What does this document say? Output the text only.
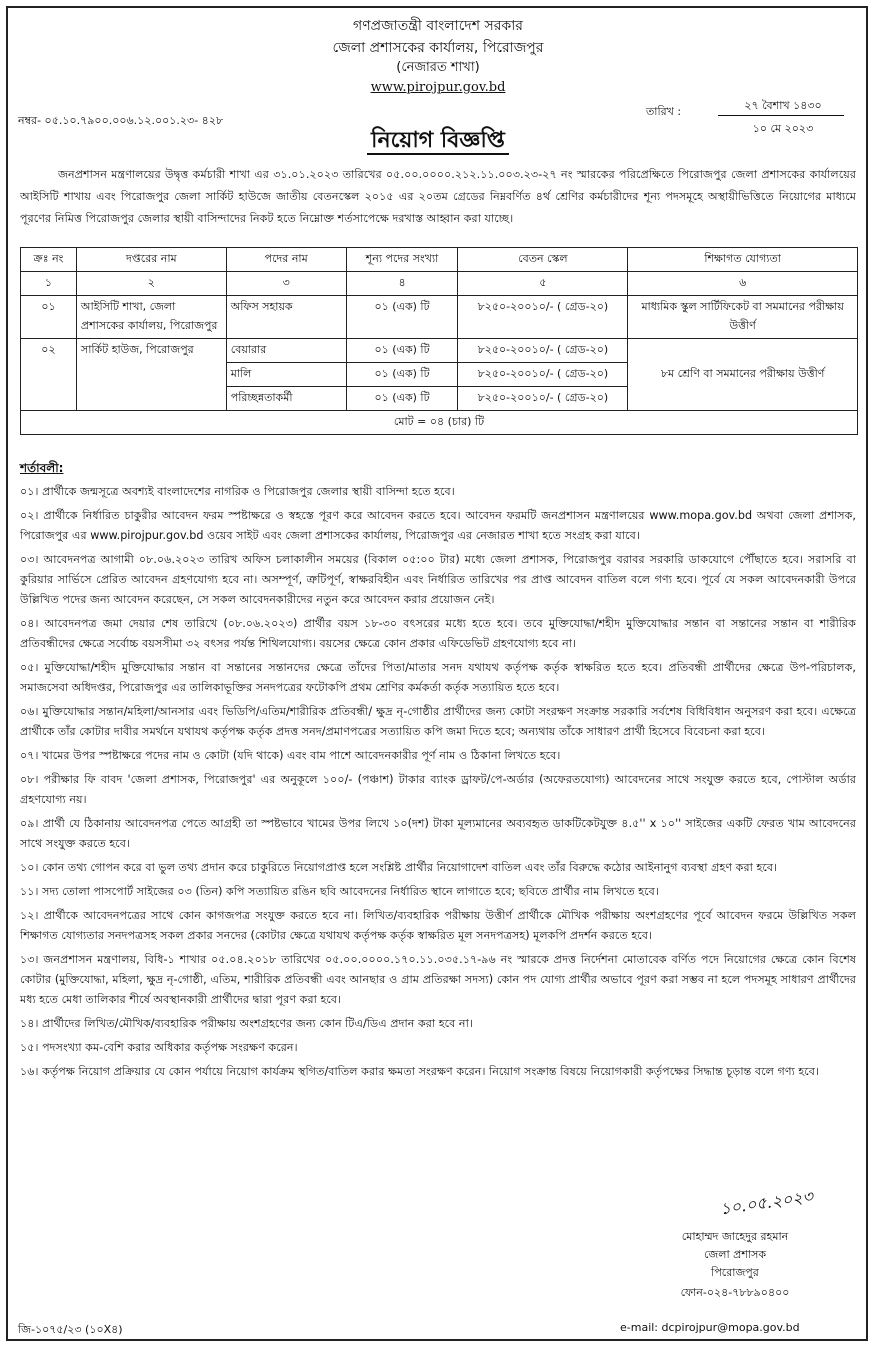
গণপ্রজাতন্ত্রী বাংলাদেশ সরকার
জেলা প্রশাসকের কার্যালয়, পিরোজপুর
(নেজারত শাখা)
www.pirojpur.gov.bd
নম্বর- ০৫.১০.৭৯০০.০০৬.১২.০০১.২৩- ৪২৮
তারিখ :	২৭ বৈশাখ ১৪৩০
১০ মে ২০২৩
নিয়োগ বিজ্ঞপ্তি
জনপ্রশাসন মন্ত্রণালয়ের উদ্বৃত্ত কর্মচারী শাখা এর ৩১.০১.২০২৩ তারিখের ০৫.০০.০০০০.২১২.১১.০০৩.২৩-২৭ নং স্মারকের পরিপ্রেক্ষিতে পিরোজপুর জেলা প্রশাসকের কার্যালয়ের আইসিটি শাখায় এবং পিরোজপুর জেলা সার্কিট হাউজে জাতীয় বেতনস্কেল ২০১৫ এর ২০তম গ্রেডের নিম্নবর্ণিত ৪র্থ শ্রেণির কর্মচারীদের শূন্য পদসমূহে অস্থায়ীভিত্তিতে নিয়োগের মাধ্যমে পূরণের নিমিত্ত পিরোজপুর জেলার স্থায়ী বাসিন্দাদের নিকট হতে নিম্নোক্ত শর্তসাপেক্ষে দরখাস্ত আহ্বান করা যাচ্ছে।
ক্রঃ নং	দপ্তরের নাম	পদের নাম	শূন্য পদের সংখ্যা	বেতন স্কেল	শিক্ষাগত যোগ্যতা
১	২	৩	৪	৫	৬
০১	আইসিটি শাখা, জেলা প্রশাসকের কার্যালয়, পিরোজপুর	অফিস সহায়ক	০১ (এক) টি	৮২৫০-২০০১০/- ( গ্রেড-২০)	মাধ্যমিক স্কুল সার্টিফিকেট বা সমমানের পরীক্ষায় উত্তীর্ণ
০২	সার্কিট হাউজ, পিরোজপুর	বেয়ারার	০১ (এক) টি	৮২৫০-২০০১০/- ( গ্রেড-২০)	৮ম শ্রেণি বা সমমানের পরীক্ষায় উত্তীর্ণ
		মালি	০১ (এক) টি	৮২৫০-২০০১০/- ( গ্রেড-২০)	
		পরিচ্ছন্নতাকর্মী	০১ (এক) টি	৮২৫০-২০০১০/- ( গ্রেড-২০)	
মোট = ০৪ (চার) টি					
শর্তাবলী:

০১। প্রার্থীকে জন্মসূত্রে অবশ্যই বাংলাদেশের নাগরিক ও পিরোজপুর জেলার স্থায়ী বাসিন্দা হতে হবে।

০২। প্রার্থীকে নির্ধারিত চাকুরীর আবেদন ফরম স্পষ্টাক্ষরে ও স্বহস্তে পূরণ করে আবেদন করতে হবে। আবেদন ফরমটি জনপ্রশাসন মন্ত্রণালয়ের www.mopa.gov.bd অথবা জেলা প্রশাসক, পিরোজপুর এর www.pirojpur.gov.bd ওয়েব সাইট এবং জেলা প্রশাসকের কার্যালয়, পিরোজপুর এর নেজারত শাখা হতে সংগ্রহ করা যাবে।

০৩। আবেদনপত্র আগামী ০৮.০৬.২০২৩ তারিখ অফিস চলাকালীন সময়ের (বিকাল ০৫:০০ টার) মধ্যে জেলা প্রশাসক, পিরোজপুর বরাবর সরকারি ডাকযোগে পৌঁছাতে হবে। সরাসরি বা কুরিয়ার সার্ভিসে প্রেরিত আবেদন গ্রহণযোগ্য হবে না। অসম্পূর্ণ, ত্রুটিপূর্ণ, স্বাক্ষরবিহীন এবং নির্ধারিত তারিখের পর প্রাপ্ত আবেদন বাতিল বলে গণ্য হবে। পূর্বে যে সকল আবেদনকারী উপরে উল্লিখিত পদের জন্য আবেদন করেছেন, সে সকল আবেদনকারীদের নতুন করে আবেদন করার প্রয়োজন নেই।

০৪। আবেদনপত্র জমা দেয়ার শেষ তারিখে (০৮.০৬.২০২৩) প্রার্থীর বয়স ১৮-৩০ বৎসরের মধ্যে হতে হবে। তবে মুক্তিযোদ্ধা/শহীদ মুক্তিযোদ্ধার সন্তান বা সন্তানের সন্তান বা শারীরিক প্রতিবন্ধীদের ক্ষেত্রে সর্বোচ্চ বয়সসীমা ৩২ বৎসর পর্যন্ত শিথিলযোগ্য। বয়সের ক্ষেত্রে কোন প্রকার এফিডেভিট গ্রহণযোগ্য হবে না।

০৫। মুক্তিযোদ্ধা/শহীদ মুক্তিযোদ্ধার সন্তান বা সন্তানের সন্তানদের ক্ষেত্রে তাঁদের পিতা/মাতার সনদ যথাযথ কর্তৃপক্ষ কর্তৃক স্বাক্ষরিত হতে হবে। প্রতিবন্ধী প্রার্থীদের ক্ষেত্রে উপ-পরিচালক, সমাজসেবা অধিদপ্তর, পিরোজপুর এর তালিকাভূক্তির সনদপত্রের ফটোকপি প্রথম শ্রেণির কর্মকর্তা কর্তৃক সত্যায়িত হতে হবে।

০৬। মুক্তিযোদ্ধার সন্তান/মহিলা/আনসার এবং ভিডিপি/এতিম/শারীরিক প্রতিবন্ধী/ ক্ষুদ্র নৃ-গোষ্ঠীর প্রার্থীদের জন্য কোটা সংরক্ষণ সংক্রান্ত সরকারি সর্বশেষ বিধিবিধান অনুসরণ করা হবে। এক্ষেত্রে প্রার্থীকে তাঁর কোটার দাবীর সমর্থনে যথাযথ কর্তৃপক্ষ কর্তৃক প্রদত্ত সনদ/প্রমাণপত্রের সত্যায়িত কপি জমা দিতে হবে; অন্যথায় তাঁকে সাধারণ প্রার্থী হিসেবে বিবেচনা করা হবে।

০৭। খামের উপর স্পষ্টাক্ষরে পদের নাম ও কোটা (যদি থাকে) এবং বাম পাশে আবেদনকারীর পূর্ণ নাম ও ঠিকানা লিখতে হবে।

০৮। পরীক্ষার ফি বাবদ 'জেলা প্রশাসক, পিরোজপুর' এর অনুকূলে ১০০/- (পঞ্চাশ) টাকার ব্যাংক ড্রাফট/পে-অর্ডার (অফেরতযোগ্য) আবেদনের সাথে সংযুক্ত করতে হবে, পোস্টাল অর্ডার গ্রহণযোগ্য নয়।

০৯। প্রার্থী যে ঠিকানায় আবেদনপত্র পেতে আগ্রহী তা স্পষ্টভাবে খামের উপর লিখে ১০(দশ) টাকা মূল্যমানের অব্যবহৃত ডাকটিকেটযুক্ত ৪.৫'' x ১০'' সাইজের একটি ফেরত খাম আবেদনের সাথে সংযুক্ত করতে হবে।

১০। কোন তথ্য গোপন করে বা ভুল তথ্য প্রদান করে চাকুরিতে নিয়োগপ্রাপ্ত হলে সংশ্লিষ্ট প্রার্থীর নিয়োগাদেশ বাতিল এবং তাঁর বিরুদ্ধে কঠোর আইনানুগ ব্যবস্থা গ্রহণ করা হবে।

১১। সদ্য তোলা পাসপোর্ট সাইজের ০৩ (তিন) কপি সত্যায়িত রঙিন ছবি আবেদনের নির্ধারিত স্থানে লাগাতে হবে; ছবিতে প্রার্থীর নাম লিখতে হবে।

১২। প্রার্থীকে আবেদনপত্রের সাথে কোন কাগজপত্র সংযুক্ত করতে হবে না। লিখিত/ব্যবহারিক পরীক্ষায় উত্তীর্ণ প্রার্থীকে মৌখিক পরীক্ষায় অংশগ্রহণের পূর্বে আবেদন ফরমে উল্লিখিত সকল শিক্ষাগত যোগ্যতার সনদপত্রসহ সকল প্রকার সনদের (কোটার ক্ষেত্রে যথাযথ কর্তৃপক্ষ কর্তৃক স্বাক্ষরিত মূল সনদপত্রসহ) মূলকপি প্রদর্শন করতে হবে।

১৩। জনপ্রশাসন মন্ত্রণালয়, বিধি-১ শাখার ০৫.০৪.২০১৮ তারিখের ০৫.০০.০০০০.১৭০.১১.০৩৫.১৭-৯৬ নং স্মারকে প্রদত্ত নির্দেশনা মোতাবেক বর্ণিত পদে নিয়োগের ক্ষেত্রে কোন বিশেষ কোটার (মুক্তিযোদ্ধা, মহিলা, ক্ষুদ্র নৃ-গোষ্ঠী, এতিম, শারীরিক প্রতিবন্ধী এবং আনছার ও গ্রাম প্রতিরক্ষা সদস্য) কোন পদ যোগ্য প্রার্থীর অভাবে পূরণ করা সম্ভব না হলে পদসমূহ সাধারণ প্রার্থীদের মধ্য হতে মেধা তালিকার শীর্ষে অবস্থানকারী প্রার্থীদের দ্বারা পূরণ করা হবে।

১৪। প্রার্থীদের লিখিত/মৌখিক/ব্যবহারিক পরীক্ষায় অংশগ্রহণের জন্য কোন টিএ/ডিএ প্রদান করা হবে না।

১৫। পদসংখ্যা কম-বেশি করার অধিকার কর্তৃপক্ষ সংরক্ষণ করেন।

১৬। কর্তৃপক্ষ নিয়োগ প্রক্রিয়ার যে কোন পর্যায়ে নিয়োগ কার্যক্রম স্থগিত/বাতিল করার ক্ষমতা সংরক্ষণ করেন। নিয়োগ সংক্রান্ত বিষয়ে নিয়োগকারী কর্তৃপক্ষের সিদ্ধান্ত চূড়ান্ত বলে গণ্য হবে।

১০.০৫.২০২৩
মোহাম্মদ জাহেদুর রহমান
জেলা প্রশাসক
পিরোজপুর
ফোন-০২৪-৭৮৮৯০৪০০
জি-১০৭৫/২৩ (১০X৪)	e-mail: dcpirojpur@mopa.gov.bd
